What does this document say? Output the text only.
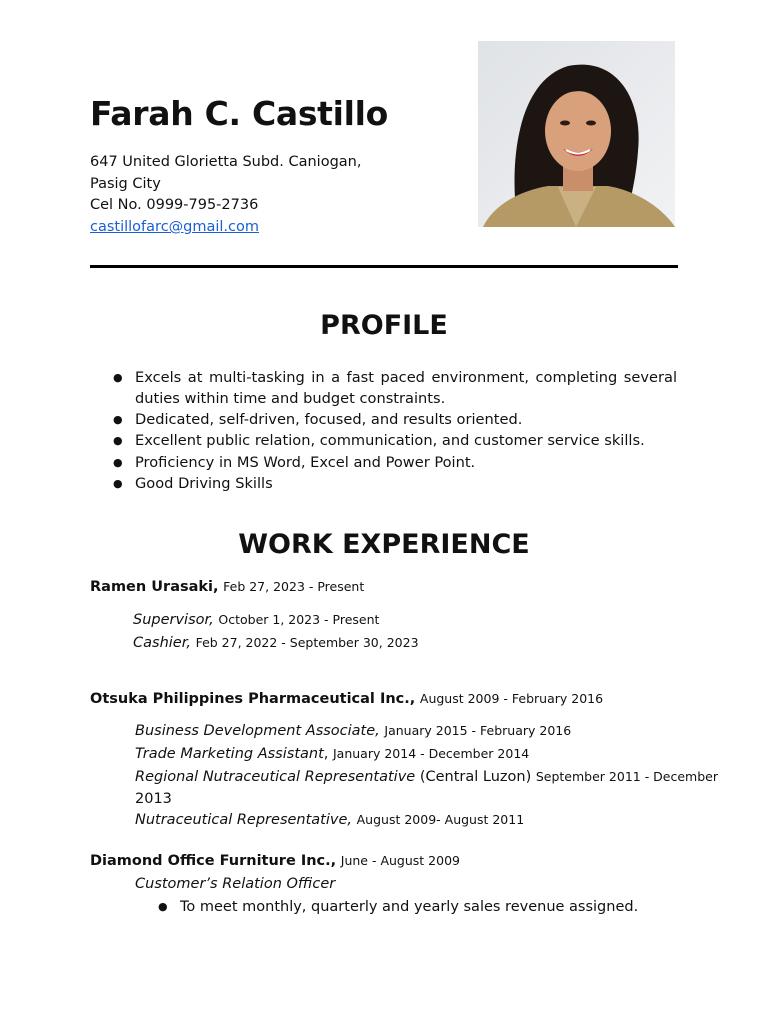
Farah C. Castillo
647 United Glorietta Subd. Caniogan,
Pasig City
Cel No. 0999-795-2736
castillofarc@gmail.com
PROFILE
● Excels at multi-tasking in a fast paced environment, completing several duties within time and budget constraints.
● Dedicated, self-driven, focused, and results oriented.
● Excellent public relation, communication, and customer service skills.
● Proficiency in MS Word, Excel and Power Point.
● Good Driving Skills
WORK EXPERIENCE
Ramen Urasaki, Feb 27, 2023 - Present
Supervisor, October 1, 2023 - Present
Cashier, Feb 27, 2022 - September 30, 2023
Otsuka Philippines Pharmaceutical Inc., August 2009 - February 2016
Business Development Associate, January 2015 - February 2016
Trade Marketing Assistant, January 2014 - December 2014
Regional Nutraceutical Representative (Central Luzon) September 2011 - December
2013
Nutraceutical Representative, August 2009- August 2011
Diamond Office Furniture Inc., June - August 2009
Customer’s Relation Officer
● To meet monthly, quarterly and yearly sales revenue assigned.
